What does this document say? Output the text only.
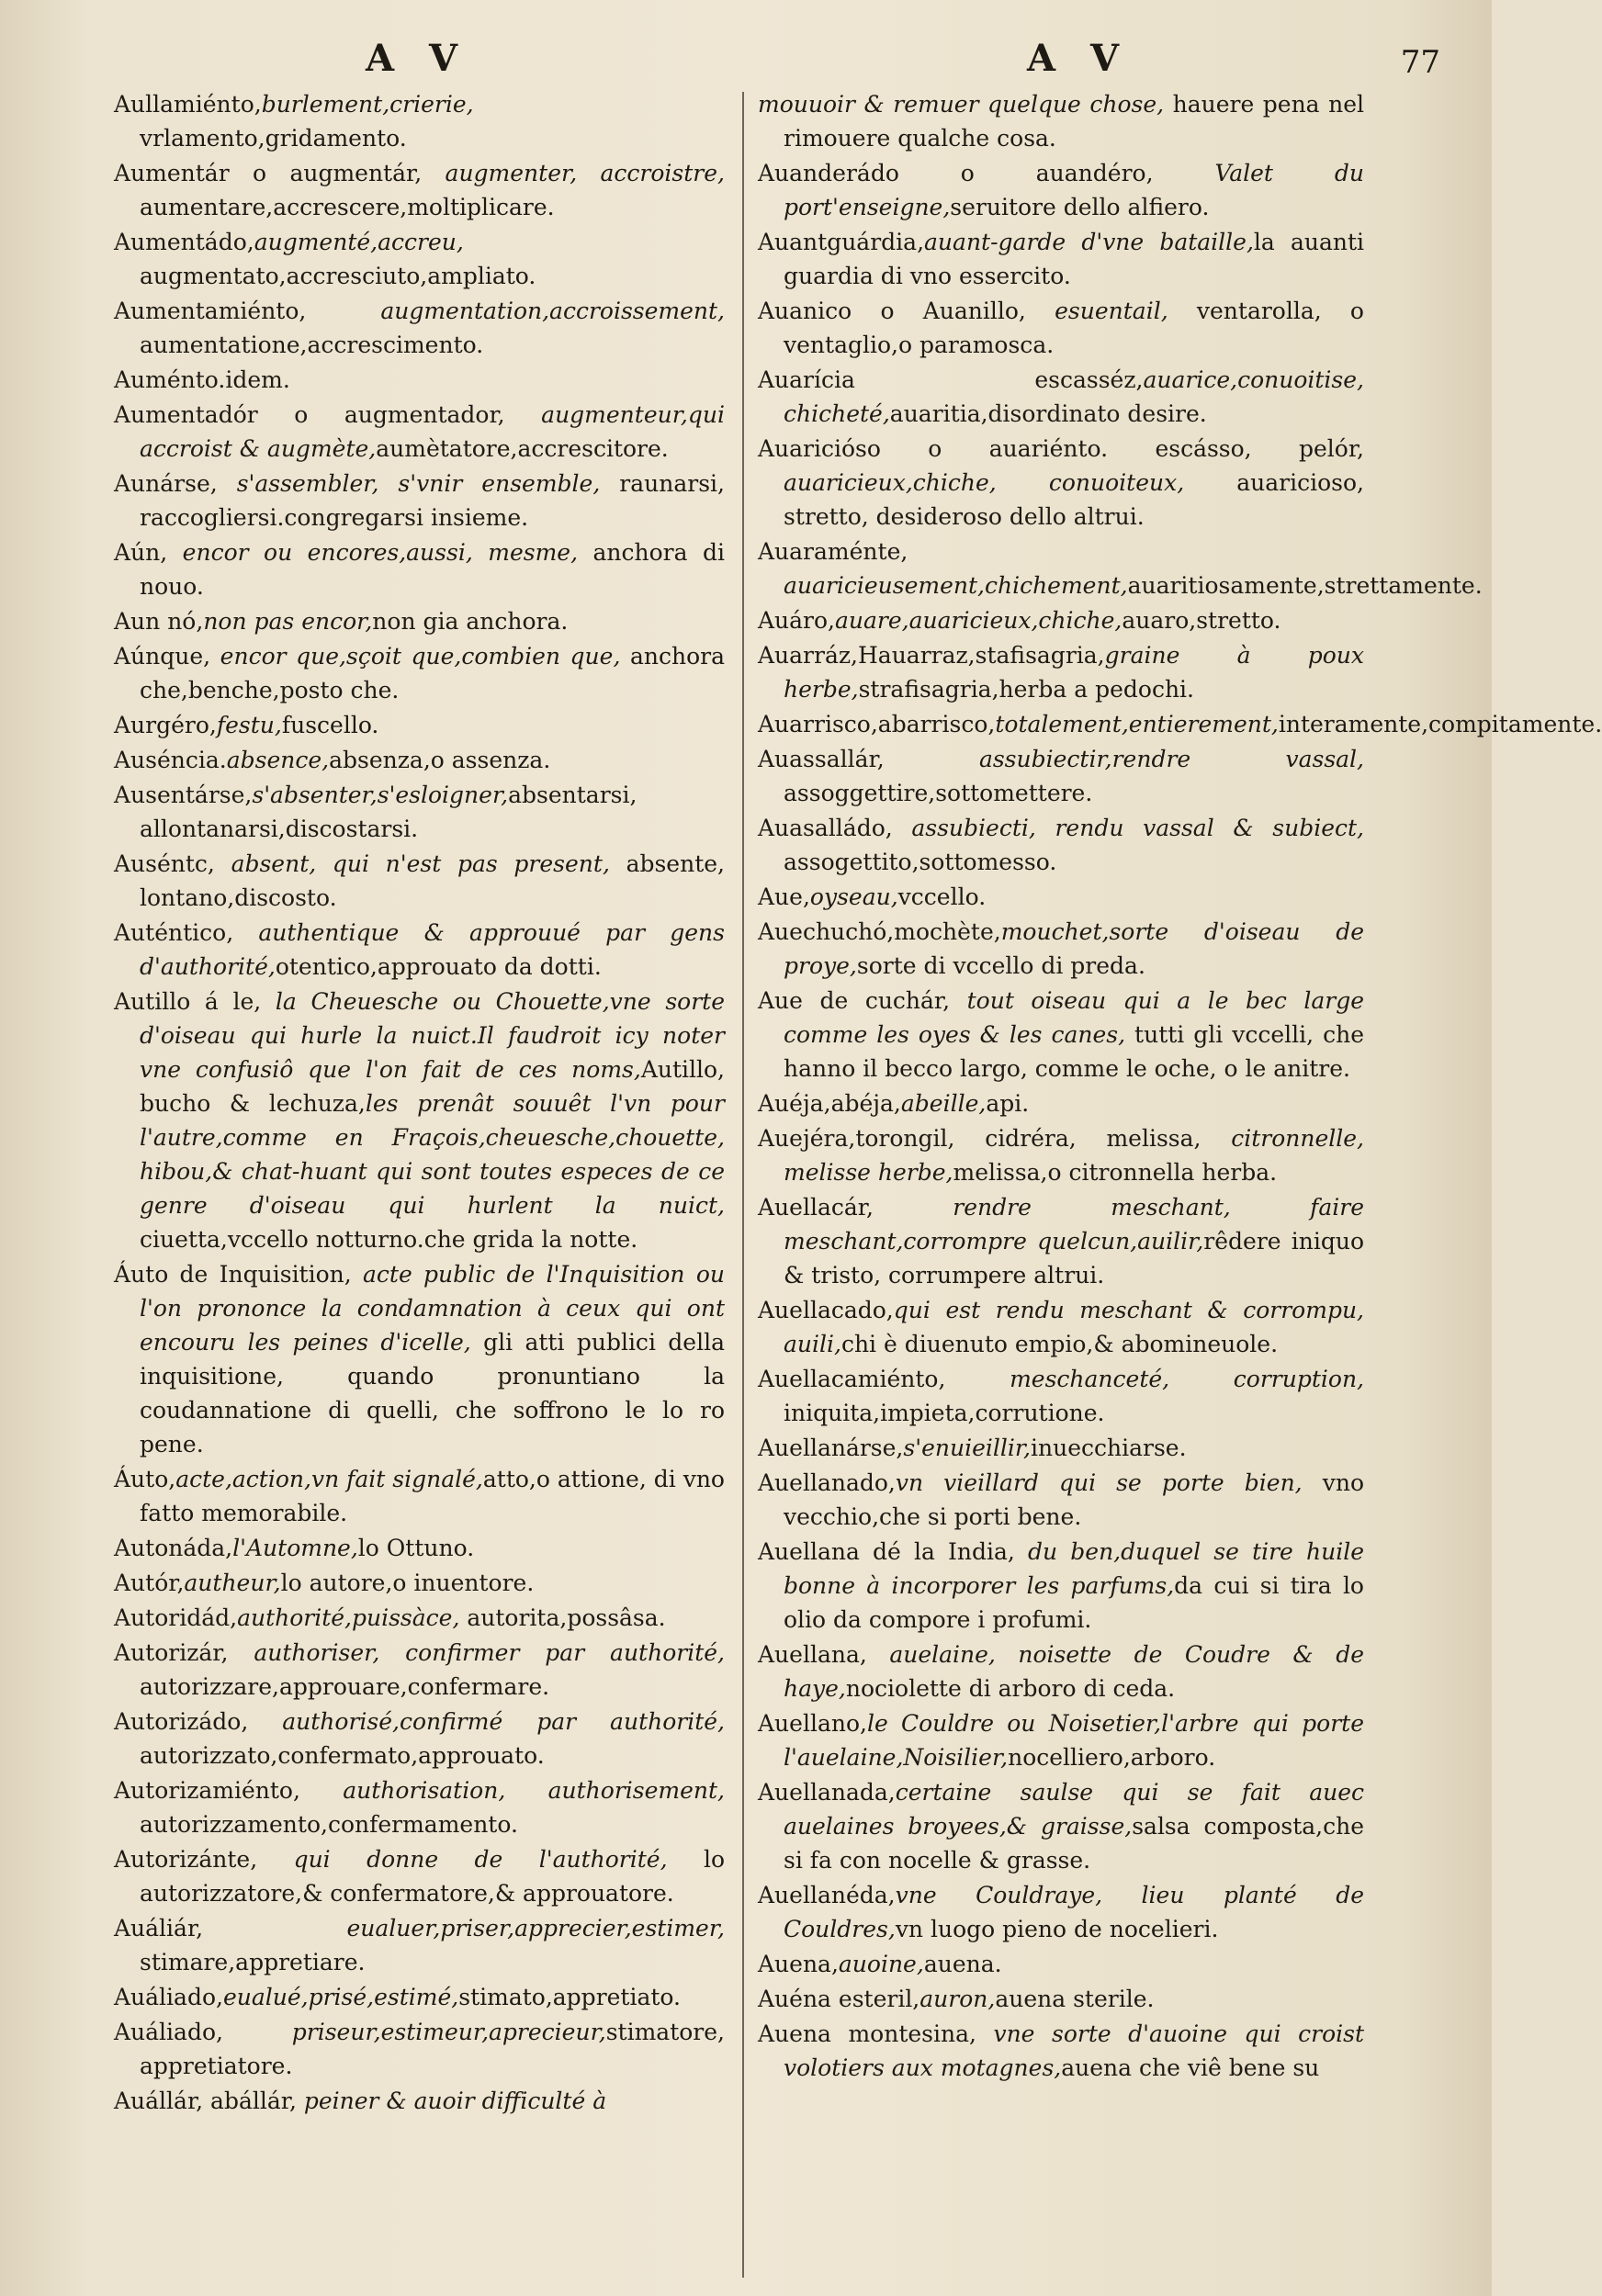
A V	A V	77

Aullamiénto,burlement,crierie, vrlamento,gridamento.

Aumentár o augmentár, augmenter, accroistre, aumentare,accrescere,moltiplicare.

Aumentádo,augmenté,accreu, augmentato,accresciuto,ampliato.

Aumentamiénto, augmentation,accroissement, aumentatione,accrescimento.

Auménto.idem.

Aumentadór o augmentador, augmenteur,qui accroist & augmète,aumètatore,accrescitore.

Aunárse, s'assembler, s'vnir ensemble, raunarsi, raccogliersi.congregarsi insieme.

Aún, encor ou encores,aussi, mesme, anchora di nouo.

Aun nó,non pas encor,non gia anchora.

Aúnque, encor que,sçoit que,combien que, anchora che,benche,posto che.

Aurgéro,festu,fuscello.

Auséncia.absence,absenza,o assenza.

Ausentárse,s'absenter,s'esloigner,absentarsi, allontanarsi,discostarsi.

Auséntc, absent, qui n'est pas present, absente, lontano,discosto.

Auténtico, authentique & approuué par gens d'authorité,otentico,approuato da dotti.

Autillo á le, la Cheuesche ou Chouette,vne sorte d'oiseau qui hurle la nuict.Il faudroit icy noter vne confusiô que l'on fait de ces noms,Autillo, bucho & lechuza,les prenât souuêt l'vn pour l'autre,comme en Fraçois,cheuesche,chouette, hibou,& chat-huant qui sont toutes especes de ce genre d'oiseau qui hurlent la nuict, ciuetta,vccello notturno.che grida la notte.

Áuto de Inquisition, acte public de l'Inquisition ou l'on prononce la condamnation à ceux qui ont encouru les peines d'icelle, gli atti publici della inquisitione, quando pronuntiano la coudannatione di quelli, che soffrono le lo ro pene.

Áuto,acte,action,vn fait signalé,atto,o attione, di vno fatto memorabile.

Autonáda,l'Automne,lo Ottuno.

Autór,autheur,lo autore,o inuentore.

Autoridád,authorité,puissàce, autorita,possâsa.

Autorizár, authoriser, confirmer par authorité, autorizzare,approuare,confermare.

Autorizádo, authorisé,confirmé par authorité, autorizzato,confermato,approuato.

Autorizamiénto, authorisation, authorisement, autorizzamento,confermamento.

Autorizánte, qui donne de l'authorité, lo autorizzatore,& confermatore,& approuatore.

Auáliár, eualuer,priser,apprecier,estimer, stimare,appretiare.

Auáliado,eualué,prisé,estimé,stimato,appretiato.

Auáliado, priseur,estimeur,aprecieur,stimatore, appretiatore.

Auállár, abállár, peiner & auoir difficulté à

mouuoir & remuer quelque chose, hauere pena nel rimouere qualche cosa.

Auanderádo o auandéro, Valet du port'enseigne,seruitore dello alfiero.

Auantguárdia,auant-garde d'vne bataille,la auanti guardia di vno essercito.

Auanico o Auanillo, esuentail, ventarolla, o ventaglio,o paramosca.

Auarícia escasséz,auarice,conuoitise, chicheté,auaritia,disordinato desire.

Auaricióso o auariénto. escásso, pelór, auaricieux,chiche, conuoiteux, auaricioso, stretto, desideroso dello altrui.

Auaraménte, auaricieusement,chichement,auaritiosamente,strettamente.

Auáro,auare,auaricieux,chiche,auaro,stretto.

Auarráz,Hauarraz,stafisagria,graine à poux herbe,strafisagria,herba a pedochi.

Auarrisco,abarrisco,totalement,entierement,interamente,compitamente.

Auassallár, assubiectir,rendre vassal, assoggettire,sottomettere.

Auasalládo, assubiecti, rendu vassal & subiect, assogettito,sottomesso.

Aue,oyseau,vccello.

Auechuchó,mochète,mouchet,sorte d'oiseau de proye,sorte di vccello di preda.

Aue de cuchár, tout oiseau qui a le bec large comme les oyes & les canes, tutti gli vccelli, che hanno il becco largo, comme le oche, o le anitre.

Auéja,abéja,abeille,api.

Auejéra,torongil, cidréra, melissa, citronnelle, melisse herbe,melissa,o citronnella herba.

Auellacár, rendre meschant, faire meschant,corrompre quelcun,auilir,rêdere iniquo & tristo, corrumpere altrui.

Auellacado,qui est rendu meschant & corrompu, auili,chi è diuenuto empio,& abomineuole.

Auellacamiénto, meschanceté, corruption, iniquita,impieta,corrutione.

Auellanárse,s'enuieillir,inuecchiarse.

Auellanado,vn vieillard qui se porte bien, vno vecchio,che si porti bene.

Auellana dé la India, du ben,duquel se tire huile bonne à incorporer les parfums,da cui si tira lo olio da compore i profumi.

Auellana, auelaine, noisette de Coudre & de haye,nociolette di arboro di ceda.

Auellano,le Couldre ou Noisetier,l'arbre qui porte l'auelaine,Noisilier,nocelliero,arboro.

Auellanada,certaine saulse qui se fait auec auelaines broyees,& graisse,salsa composta,che si fa con nocelle & grasse.

Auellanéda,vne Couldraye, lieu planté de Couldres,vn luogo pieno de nocelieri.

Auena,auoine,auena.

Auéna esteril,auron,auena sterile.

Auena montesina, vne sorte d'auoine qui croist volotiers aux motagnes,auena che viê bene su
